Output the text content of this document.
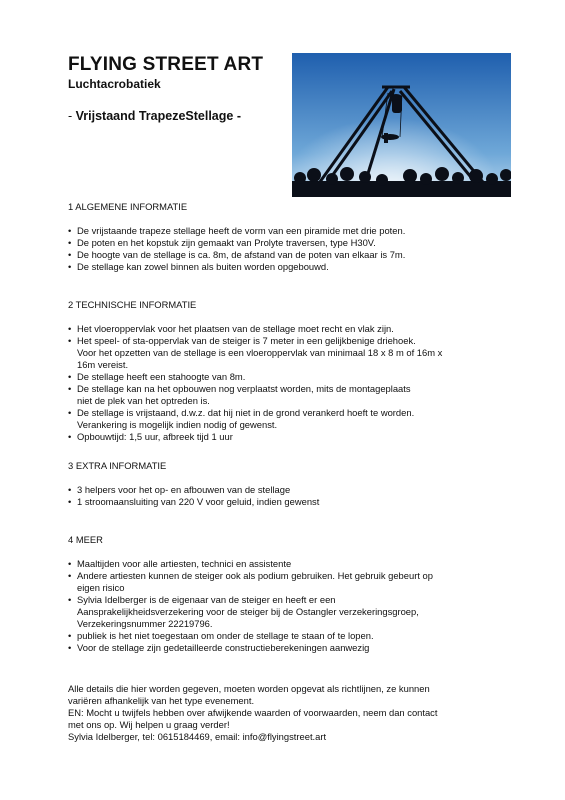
FLYING STREET ART
Luchtacrobatiek
- Vrijstaand TrapezeStellage -
1 ALGEMENE INFORMATIE
• De vrijstaande trapeze stellage heeft de vorm van een piramide met drie poten.
• De poten en het kopstuk zijn gemaakt van Prolyte traversen, type H30V.
• De hoogte van de stellage is ca. 8m, de afstand van de poten van elkaar is 7m.
• De stellage kan zowel binnen als buiten worden opgebouwd.
2 TECHNISCHE INFORMATIE
• Het vloeroppervlak voor het plaatsen van de stellage moet recht en vlak zijn.
• Het speel- of sta-oppervlak van de steiger is 7 meter in een gelijkbenige driehoek.
Voor het opzetten van de stellage is een vloeroppervlak van minimaal 18 x 8 m of 16m x
16m vereist.
• De stellage heeft een stahoogte van 8m.
• De stellage kan na het opbouwen nog verplaatst worden, mits de montageplaats
niet de plek van het optreden is.
• De stellage is vrijstaand, d.w.z. dat hij niet in de grond verankerd hoeft te worden.
Verankering is mogelijk indien nodig of gewenst.
• Opbouwtijd: 1,5 uur, afbreek tijd 1 uur
3 EXTRA INFORMATIE
• 3 helpers voor het op- en afbouwen van de stellage
• 1 stroomaansluiting van 220 V voor geluid, indien gewenst
4 MEER
• Maaltijden voor alle artiesten, technici en assistente
• Andere artiesten kunnen de steiger ook als podium gebruiken. Het gebruik gebeurt op
eigen risico
• Sylvia Idelberger is de eigenaar van de steiger en heeft er een
Aansprakelijkheidsverzekering voor de steiger bij de Ostangler verzekeringsgroep,
Verzekeringsnummer 22219796.
• publiek is het niet toegestaan om onder de stellage te staan of te lopen.
• Voor de stellage zijn gedetailleerde constructieberekeningen aanwezig
Alle details die hier worden gegeven, moeten worden opgevat als richtlijnen, ze kunnen
variëren afhankelijk van het type evenement.
EN: Mocht u twijfels hebben over afwijkende waarden of voorwaarden, neem dan contact
met ons op. Wij helpen u graag verder!
Sylvia Idelberger, tel: 0615184469, email: info@flyingstreet.art
